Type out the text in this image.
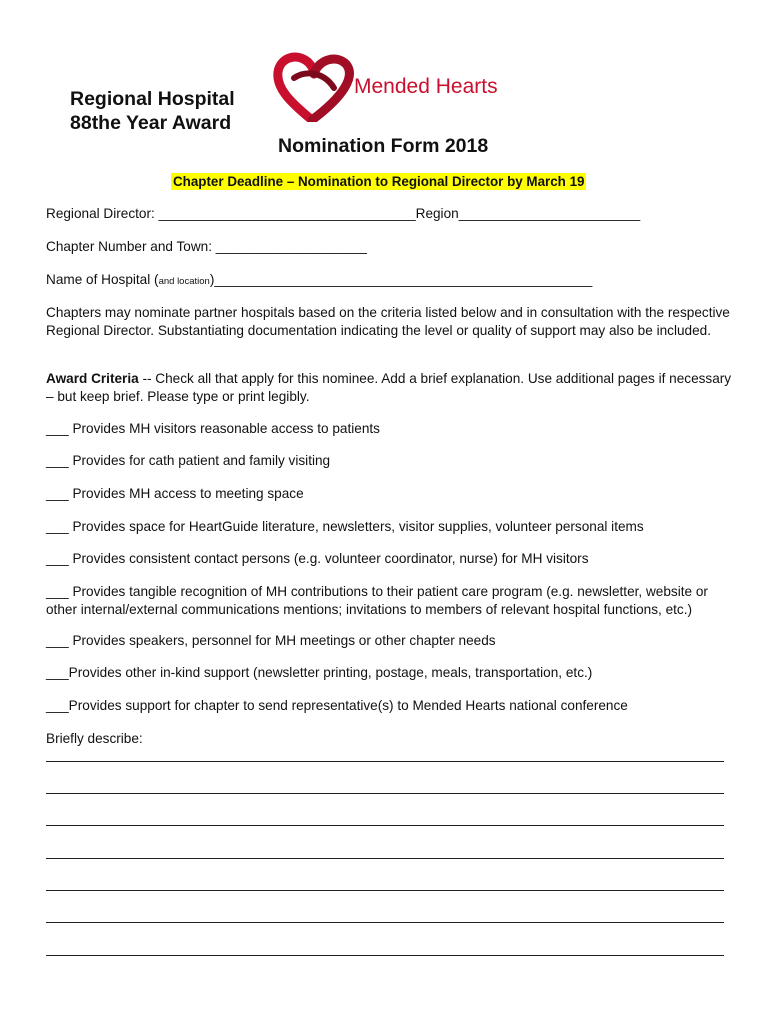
Regional Hospital
88the Year Award
Mended Hearts
Nomination Form 2018
Chapter Deadline – Nomination to Regional Director by March 19
Regional Director: __________________________________Region________________________
Chapter Number and Town: ____________________
Name of Hospital (and location)__________________________________________________
Chapters may nominate partner hospitals based on the criteria listed below and in consultation with the respective Regional Director. Substantiating documentation indicating the level or quality of support may also be included.
Award Criteria -- Check all that apply for this nominee. Add a brief explanation. Use additional pages if necessary – but keep brief. Please type or print legibly.
___ Provides MH visitors reasonable access to patients
___ Provides for cath patient and family visiting
___ Provides MH access to meeting space
___ Provides space for HeartGuide literature, newsletters, visitor supplies, volunteer personal items
___ Provides consistent contact persons (e.g. volunteer coordinator, nurse) for MH visitors
___ Provides tangible recognition of MH contributions to their patient care program (e.g. newsletter, website or other internal/external communications mentions; invitations to members of relevant hospital functions, etc.)
___ Provides speakers, personnel for MH meetings or other chapter needs
___Provides other in-kind support (newsletter printing, postage, meals, transportation, etc.)
___Provides support for chapter to send representative(s) to Mended Hearts national conference
Briefly describe:
